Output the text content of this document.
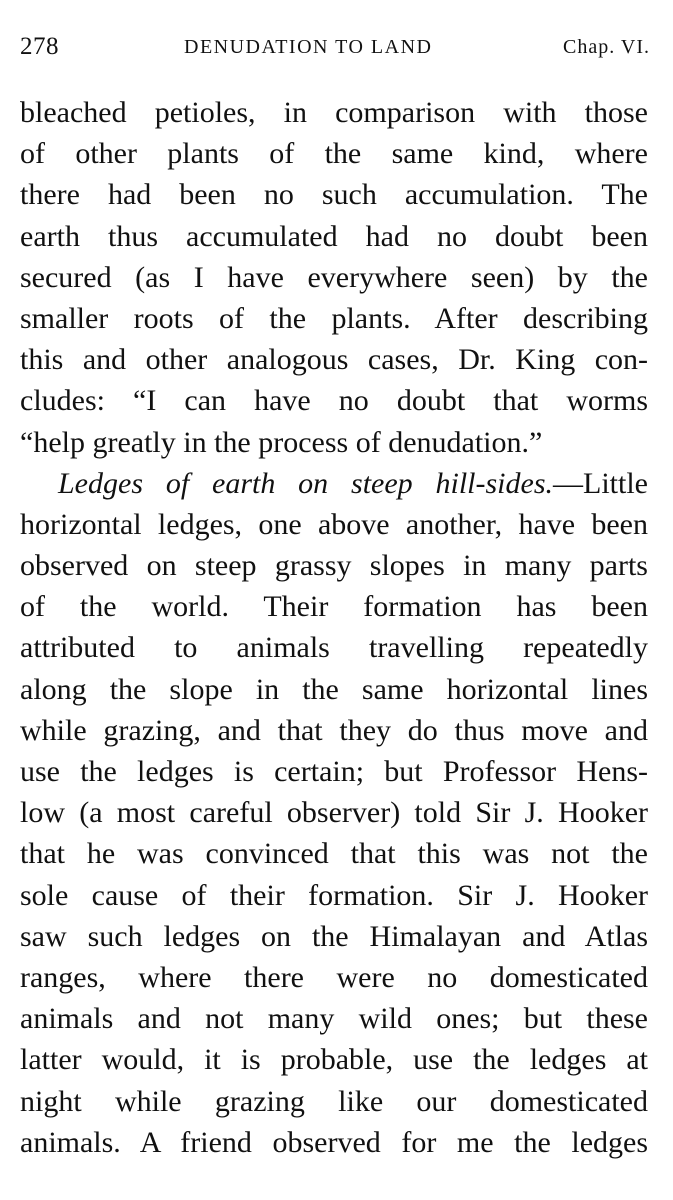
278	DENUDATION TO LAND	Chap. VI.
bleached petioles, in comparison with those
of other plants of the same kind, where
there had been no such accumulation. The
earth thus accumulated had no doubt been
secured (as I have everywhere seen) by the
smaller roots of the plants. After describing
this and other analogous cases, Dr. King con-
cludes: “I can have no doubt that worms
“help greatly in the process of denudation.”
Ledges of earth on steep hill-sides.—Little
horizontal ledges, one above another, have been
observed on steep grassy slopes in many parts
of the world. Their formation has been
attributed to animals travelling repeatedly
along the slope in the same horizontal lines
while grazing, and that they do thus move and
use the ledges is certain; but Professor Hens-
low (a most careful observer) told Sir J. Hooker
that he was convinced that this was not the
sole cause of their formation. Sir J. Hooker
saw such ledges on the Himalayan and Atlas
ranges, where there were no domesticated
animals and not many wild ones; but these
latter would, it is probable, use the ledges at
night while grazing like our domesticated
animals. A friend observed for me the ledges
